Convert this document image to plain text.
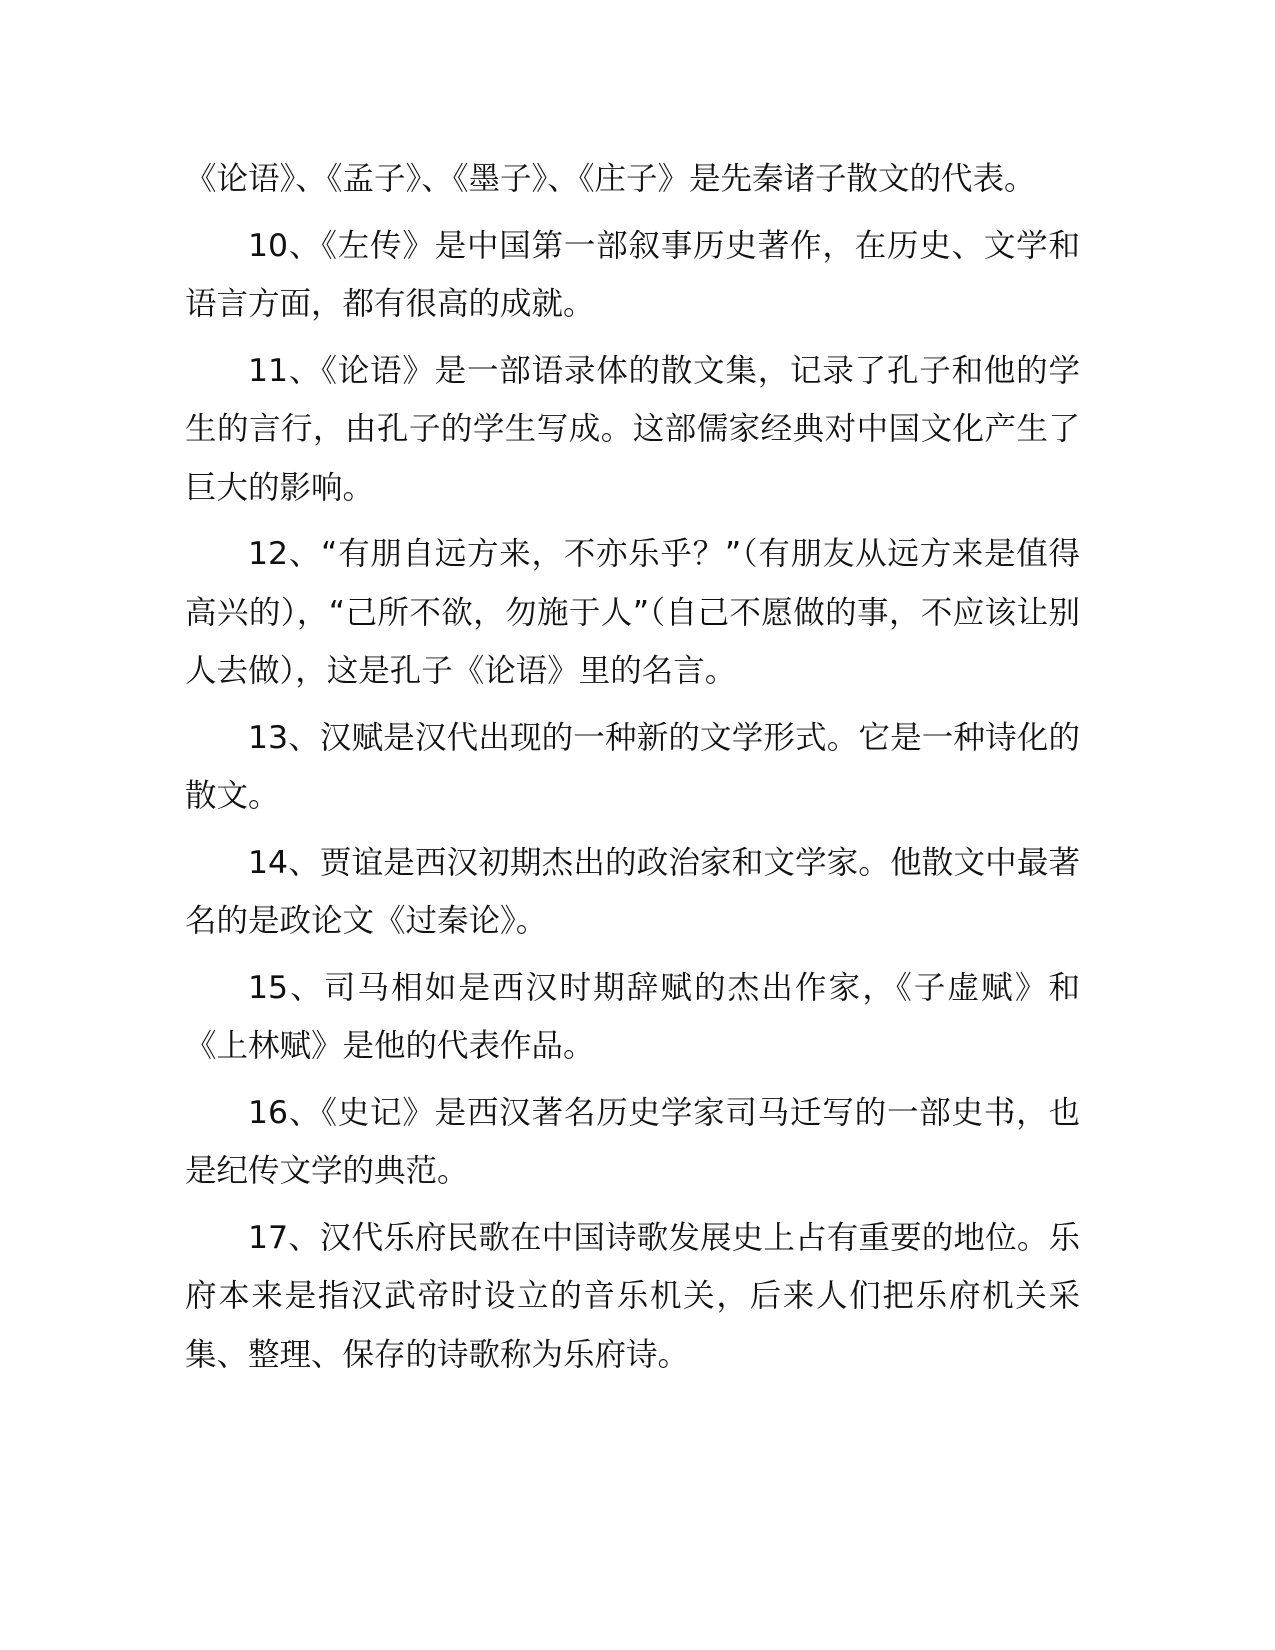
《论语》、《孟子》、《墨子》、《庄子》是先秦诸子散文的代表。

10、《左传》是中国第一部叙事历史著作，在历史、文学和语言方面，都有很高的成就。

11、《论语》是一部语录体的散文集，记录了孔子和他的学生的言行，由孔子的学生写成。这部儒家经典对中国文化产生了巨大的影响。

12、“有朋自远方来，不亦乐乎？”（有朋友从远方来是值得高兴的），“己所不欲，勿施于人”（自己不愿做的事，不应该让别人去做），这是孔子《论语》里的名言。

13、汉赋是汉代出现的一种新的文学形式。它是一种诗化的散文。

14、贾谊是西汉初期杰出的政治家和文学家。他散文中最著名的是政论文《过秦论》。

15、司马相如是西汉时期辞赋的杰出作家，《子虚赋》和《上林赋》是他的代表作品。

16、《史记》是西汉著名历史学家司马迁写的一部史书，也是纪传文学的典范。

17、汉代乐府民歌在中国诗歌发展史上占有重要的地位。乐府本来是指汉武帝时设立的音乐机关，后来人们把乐府机关采集、整理、保存的诗歌称为乐府诗。
